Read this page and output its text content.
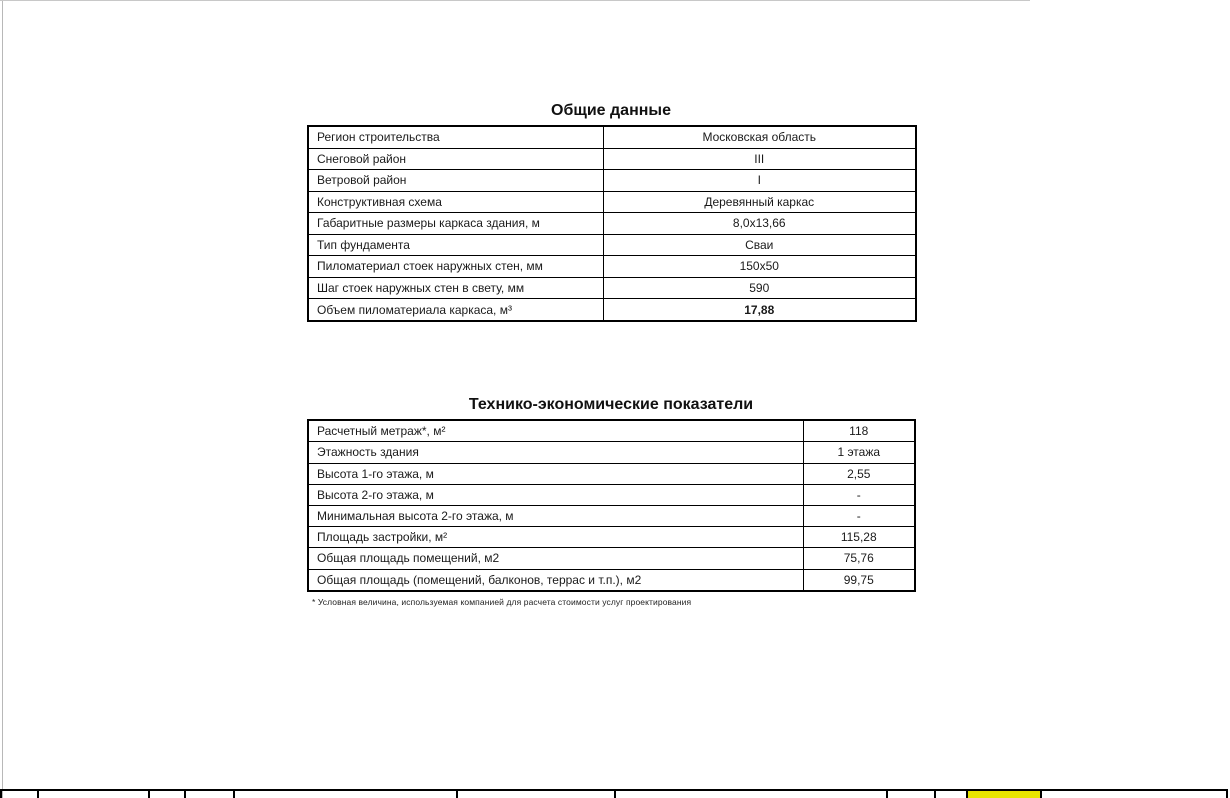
Общие данные
Регион строительства	Московская область
Снеговой район	III
Ветровой район	I
Конструктивная схема	Деревянный каркас
Габаритные размеры каркаса здания, м	8,0x13,66
Тип фундамента	Сваи
Пиломатериал стоек наружных стен, мм	150x50
Шаг стоек наружных стен в свету, мм	590
Объем пиломатериала каркаса, м³	17,88
Технико-экономические показатели
Расчетный метраж*, м²	118
Этажность здания	1 этажа
Высота 1-го этажа, м	2,55
Высота 2-го этажа, м	-
Минимальная высота 2-го этажа, м	-
Площадь застройки, м²	115,28
Общая площадь помещений, м2	75,76
Общая площадь (помещений, балконов, террас и т.п.), м2	99,75
* Условная величина, используемая компанией для расчета стоимости услуг проектирования
